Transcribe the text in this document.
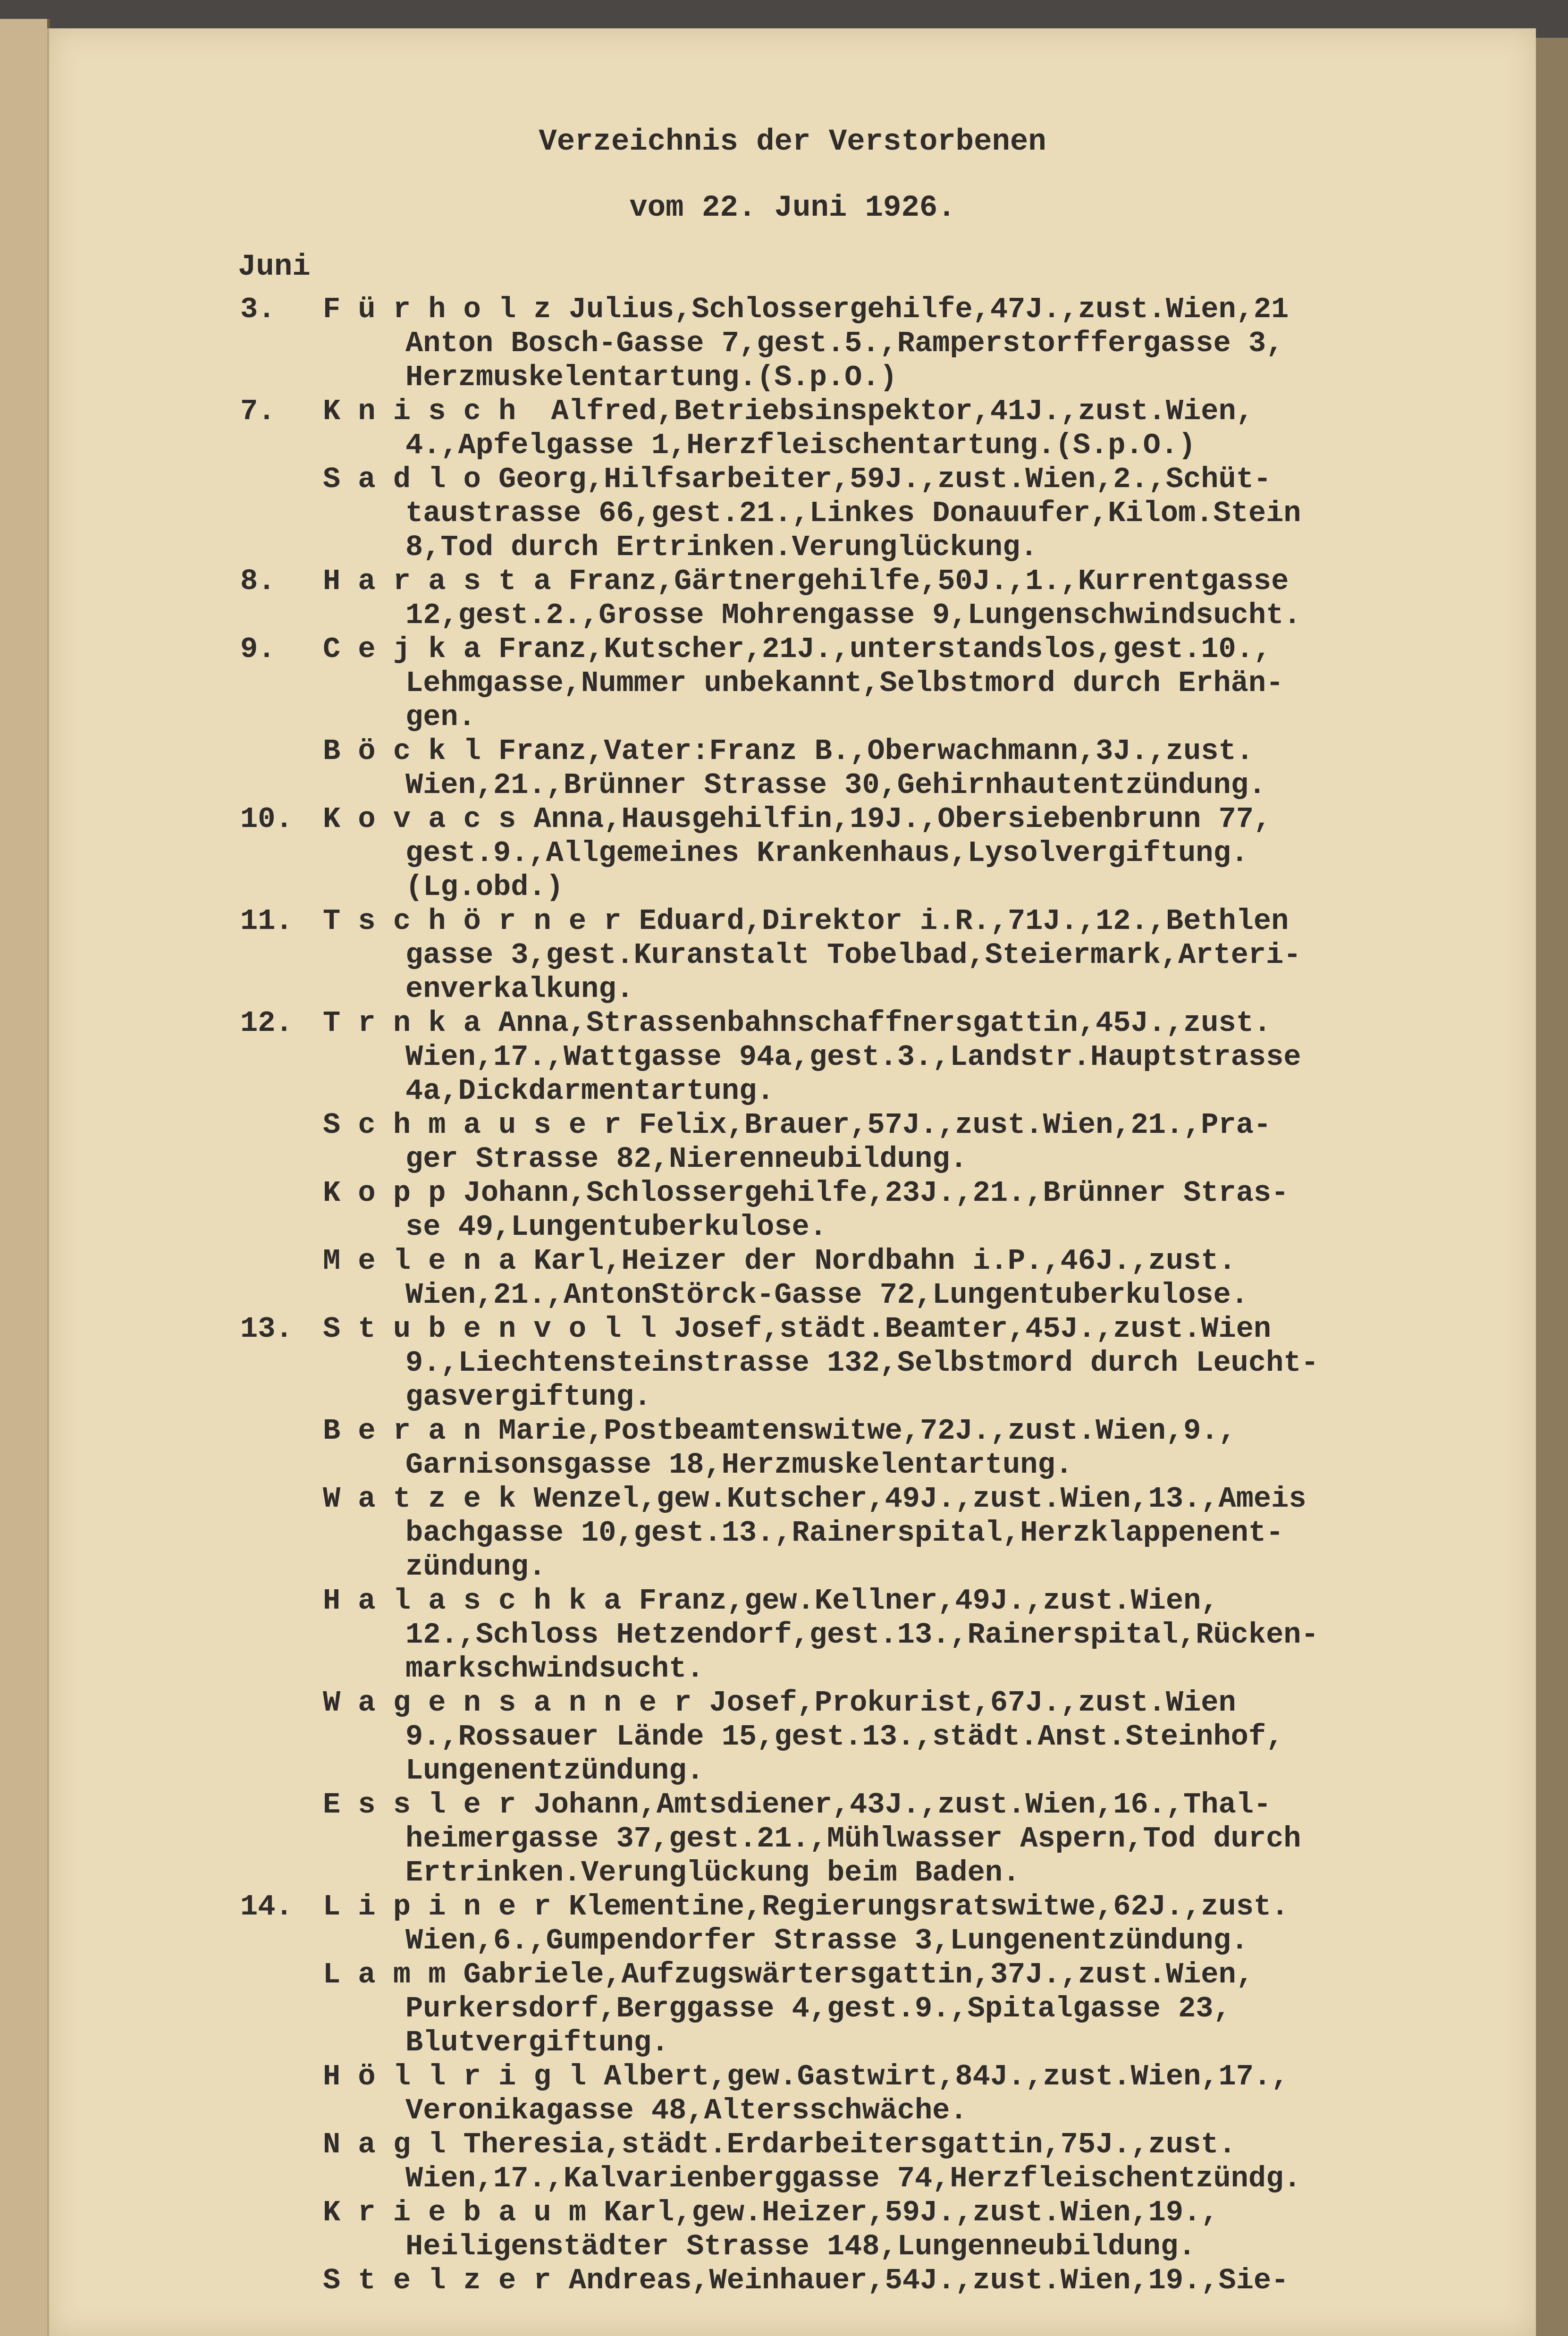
Verzeichnis der Verstorbenen
vom 22. Juni 1926.
Juni
3. F ü r h o l z Julius,Schlossergehilfe,47J.,zust.Wien,21
Anton Bosch-Gasse 7,gest.5.,Ramperstorffergasse 3,
Herzmuskelentartung.(S.p.O.)
7. K n i s c h  Alfred,Betriebsinspektor,41J.,zust.Wien,
4.,Apfelgasse 1,Herzfleischentartung.(S.p.O.)
S a d l o Georg,Hilfsarbeiter,59J.,zust.Wien,2.,Schüt-
taustrasse 66,gest.21.,Linkes Donauufer,Kilom.Stein
8,Tod durch Ertrinken.Verunglückung.
8. H a r a s t a Franz,Gärtnergehilfe,50J.,1.,Kurrentgasse
12,gest.2.,Grosse Mohrengasse 9,Lungenschwindsucht.
9. C e j k a Franz,Kutscher,21J.,unterstandslos,gest.10.,
Lehmgasse,Nummer unbekannt,Selbstmord durch Erhän-
gen.
B ö c k l Franz,Vater:Franz B.,Oberwachmann,3J.,zust.
Wien,21.,Brünner Strasse 30,Gehirnhautentzündung.
10. K o v a c s Anna,Hausgehilfin,19J.,Obersiebenbrunn 77,
gest.9.,Allgemeines Krankenhaus,Lysolvergiftung.
(Lg.obd.)
11. T s c h ö r n e r Eduard,Direktor i.R.,71J.,12.,Bethlen
gasse 3,gest.Kuranstalt Tobelbad,Steiermark,Arteri-
enverkalkung.
12. T r n k a Anna,Strassenbahnschaffnersgattin,45J.,zust.
Wien,17.,Wattgasse 94a,gest.3.,Landstr.Hauptstrasse
4a,Dickdarmentartung.
S c h m a u s e r Felix,Brauer,57J.,zust.Wien,21.,Pra-
ger Strasse 82,Nierenneubildung.
K o p p Johann,Schlossergehilfe,23J.,21.,Brünner Stras-
se 49,Lungentuberkulose.
M e l e n a Karl,Heizer der Nordbahn i.P.,46J.,zust.
Wien,21.,AntonStörck-Gasse 72,Lungentuberkulose.
13. S t u b e n v o l l Josef,städt.Beamter,45J.,zust.Wien
9.,Liechtensteinstrasse 132,Selbstmord durch Leucht-
gasvergiftung.
B e r a n Marie,Postbeamtenswitwe,72J.,zust.Wien,9.,
Garnisonsgasse 18,Herzmuskelentartung.
W a t z e k Wenzel,gew.Kutscher,49J.,zust.Wien,13.,Ameis
bachgasse 10,gest.13.,Rainerspital,Herzklappenent-
zündung.
H a l a s c h k a Franz,gew.Kellner,49J.,zust.Wien,
12.,Schloss Hetzendorf,gest.13.,Rainerspital,Rücken-
markschwindsucht.
W a g e n s a n n e r Josef,Prokurist,67J.,zust.Wien
9.,Rossauer Lände 15,gest.13.,städt.Anst.Steinhof,
Lungenentzündung.
E s s l e r Johann,Amtsdiener,43J.,zust.Wien,16.,Thal-
heimergasse 37,gest.21.,Mühlwasser Aspern,Tod durch
Ertrinken.Verunglückung beim Baden.
14. L i p i n e r Klementine,Regierungsratswitwe,62J.,zust.
Wien,6.,Gumpendorfer Strasse 3,Lungenentzündung.
L a m m Gabriele,Aufzugswärtersgattin,37J.,zust.Wien,
Purkersdorf,Berggasse 4,gest.9.,Spitalgasse 23,
Blutvergiftung.
H ö l l r i g l Albert,gew.Gastwirt,84J.,zust.Wien,17.,
Veronikagasse 48,Altersschwäche.
N a g l Theresia,städt.Erdarbeitersgattin,75J.,zust.
Wien,17.,Kalvarienberggasse 74,Herzfleischentzündg.
K r i e b a u m Karl,gew.Heizer,59J.,zust.Wien,19.,
Heiligenstädter Strasse 148,Lungenneubildung.
S t e l z e r Andreas,Weinhauer,54J.,zust.Wien,19.,Sie-
